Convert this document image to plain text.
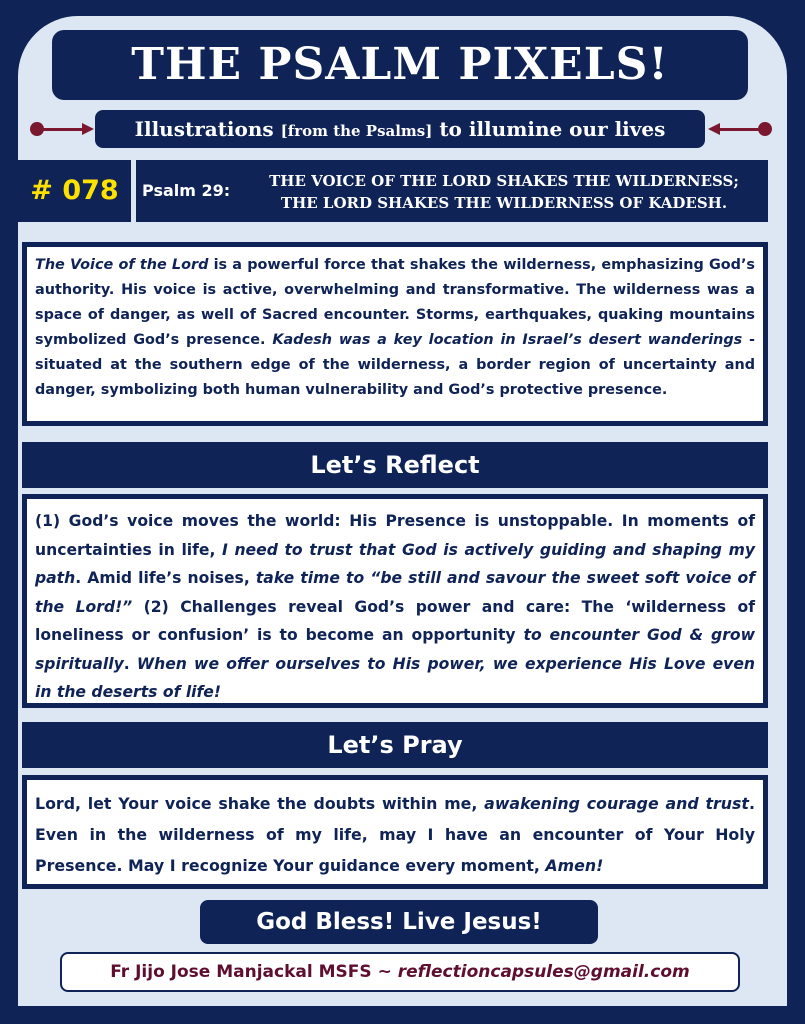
THE PSALM PIXELS!
Illustrations [from the Psalms] to illumine our lives
# 078	Psalm 29:	THE VOICE OF THE LORD SHAKES THE WILDERNESS;
THE LORD SHAKES THE WILDERNESS OF KADESH.

The Voice of the Lord is a powerful force that shakes the wilderness, emphasizing God’s authority. His voice is active, overwhelming and transformative. The wilderness was a space of danger, as well of Sacred encounter. Storms, earthquakes, quaking mountains symbolized God’s presence. Kadesh was a key location in Israel’s desert wanderings - situated at the southern edge of the wilderness, a border region of uncertainty and danger, symbolizing both human vulnerability and God’s protective presence.

Let’s Reflect

(1) God’s voice moves the world: His Presence is unstoppable. In moments of uncertainties in life, I need to trust that God is actively guiding and shaping my path. Amid life’s noises, take time to “be still and savour the sweet soft voice of the Lord!” (2) Challenges reveal God’s power and care: The ‘wilderness of loneliness or confusion’ is to become an opportunity to encounter God & grow spiritually. When we offer ourselves to His power, we experience His Love even in the deserts of life!

Let’s Pray

Lord, let Your voice shake the doubts within me, awakening courage and trust. Even in the wilderness of my life, may I have an encounter of Your Holy Presence. May I recognize Your guidance every moment, Amen!

God Bless! Live Jesus!
Fr Jijo Jose Manjackal MSFS ~ reflectioncapsules@gmail.com
